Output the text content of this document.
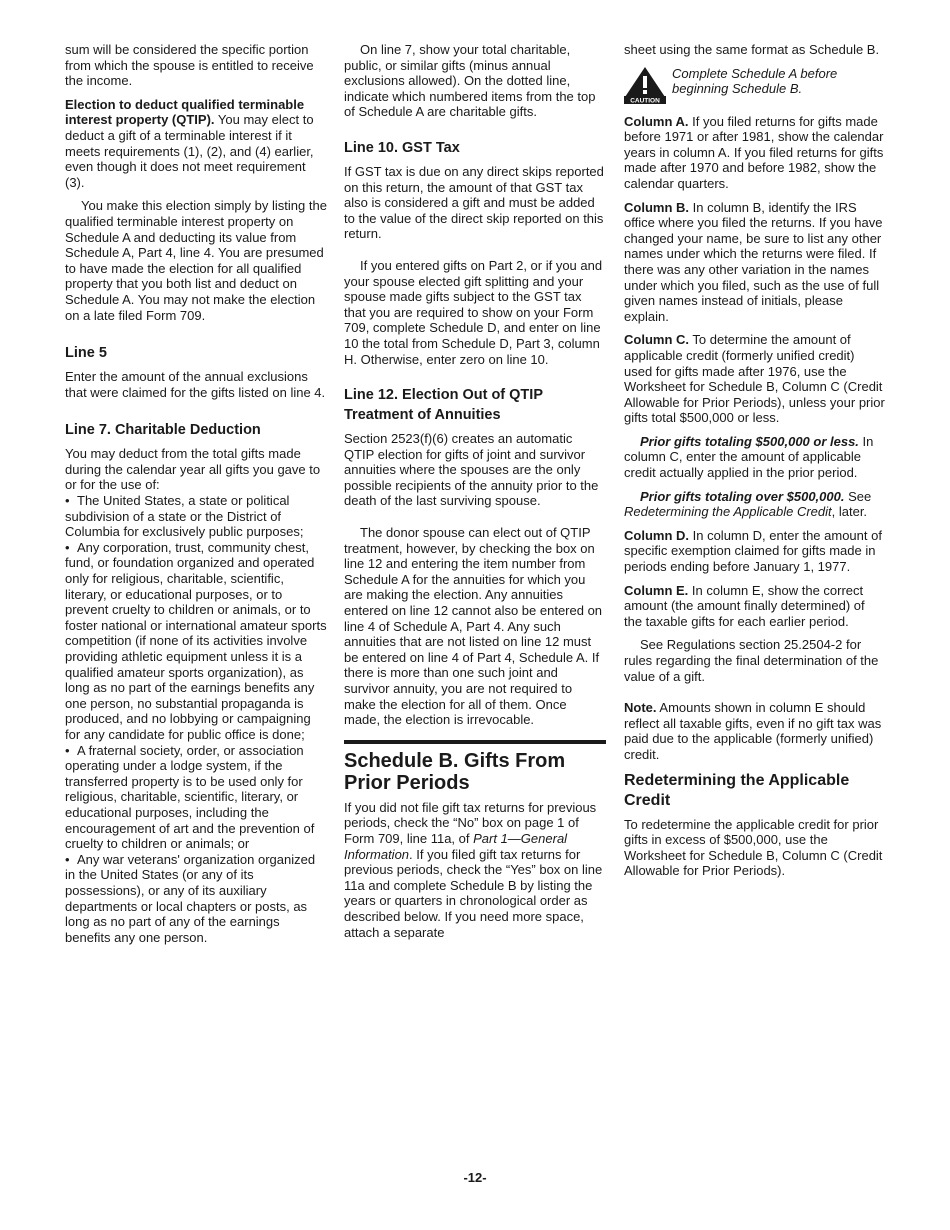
sum will be considered the specific portion from which the spouse is entitled to receive the income.

Election to deduct qualified terminable interest property (QTIP). You may elect to deduct a gift of a terminable interest if it meets requirements (1), (2), and (4) earlier, even though it does not meet requirement (3).

You make this election simply by listing the qualified terminable interest property on Schedule A and deducting its value from Schedule A, Part 4, line 4. You are presumed to have made the election for all qualified property that you both list and deduct on Schedule A. You may not make the election on a late filed Form 709.

Line 5

Enter the amount of the annual exclusions that were claimed for the gifts listed on line 4.

Line 7. Charitable Deduction

You may deduct from the total gifts made during the calendar year all gifts you gave to or for the use of:

• The United States, a state or political subdivision of a state or the District of Columbia for exclusively public purposes;

• Any corporation, trust, community chest, fund, or foundation organized and operated only for religious, charitable, scientific, literary, or educational purposes, or to prevent cruelty to children or animals, or to foster national or international amateur sports competition (if none of its activities involve providing athletic equipment unless it is a qualified amateur sports organization), as long as no part of the earnings benefits any one person, no substantial propaganda is produced, and no lobbying or campaigning for any candidate for public office is done;

• A fraternal society, order, or association operating under a lodge system, if the transferred property is to be used only for religious, charitable, scientific, literary, or educational purposes, including the encouragement of art and the prevention of cruelty to children or animals; or

• Any war veterans' organization organized in the United States (or any of its possessions), or any of its auxiliary departments or local chapters or posts, as long as no part of any of the earnings benefits any one person.

On line 7, show your total charitable, public, or similar gifts (minus annual exclusions allowed). On the dotted line, indicate which numbered items from the top of Schedule A are charitable gifts.

Line 10. GST Tax

If GST tax is due on any direct skips reported on this return, the amount of that GST tax also is considered a gift and must be added to the value of the direct skip reported on this return.

If you entered gifts on Part 2, or if you and your spouse elected gift splitting and your spouse made gifts subject to the GST tax that you are required to show on your Form 709, complete Schedule D, and enter on line 10 the total from Schedule D, Part 3, column H. Otherwise, enter zero on line 10.

Line 12. Election Out of QTIP Treatment of Annuities

Section 2523(f)(6) creates an automatic QTIP election for gifts of joint and survivor annuities where the spouses are the only possible recipients of the annuity prior to the death of the last surviving spouse.

The donor spouse can elect out of QTIP treatment, however, by checking the box on line 12 and entering the item number from Schedule A for the annuities for which you are making the election. Any annuities entered on line 12 cannot also be entered on line 4 of Schedule A, Part 4. Any such annuities that are not listed on line 12 must be entered on line 4 of Part 4, Schedule A. If there is more than one such joint and survivor annuity, you are not required to make the election for all of them. Once made, the election is irrevocable.

Schedule B. Gifts From Prior Periods

If you did not file gift tax returns for previous periods, check the “No” box on page 1 of Form 709, line 11a, of Part 1—General Information. If you filed gift tax returns for previous periods, check the “Yes” box on line 11a and complete Schedule B by listing the years or quarters in chronological order as described below. If you need more space, attach a separate

sheet using the same format as Schedule B.

CAUTION
Complete Schedule A before beginning Schedule B.

Column A. If you filed returns for gifts made before 1971 or after 1981, show the calendar years in column A. If you filed returns for gifts made after 1970 and before 1982, show the calendar quarters.

Column B. In column B, identify the IRS office where you filed the returns. If you have changed your name, be sure to list any other names under which the returns were filed. If there was any other variation in the names under which you filed, such as the use of full given names instead of initials, please explain.

Column C. To determine the amount of applicable credit (formerly unified credit) used for gifts made after 1976, use the Worksheet for Schedule B, Column C (Credit Allowable for Prior Periods), unless your prior gifts total $500,000 or less.

Prior gifts totaling $500,000 or less. In column C, enter the amount of applicable credit actually applied in the prior period.

Prior gifts totaling over $500,000. See Redetermining the Applicable Credit, later.

Column D. In column D, enter the amount of specific exemption claimed for gifts made in periods ending before January 1, 1977.

Column E. In column E, show the correct amount (the amount finally determined) of the taxable gifts for each earlier period.

See Regulations section 25.2504-2 for rules regarding the final determination of the value of a gift.

Note. Amounts shown in column E should reflect all taxable gifts, even if no gift tax was paid due to the applicable (formerly unified) credit.

Redetermining the Applicable Credit

To redetermine the applicable credit for prior gifts in excess of $500,000, use the Worksheet for Schedule B, Column C (Credit Allowable for Prior Periods).

-12-
